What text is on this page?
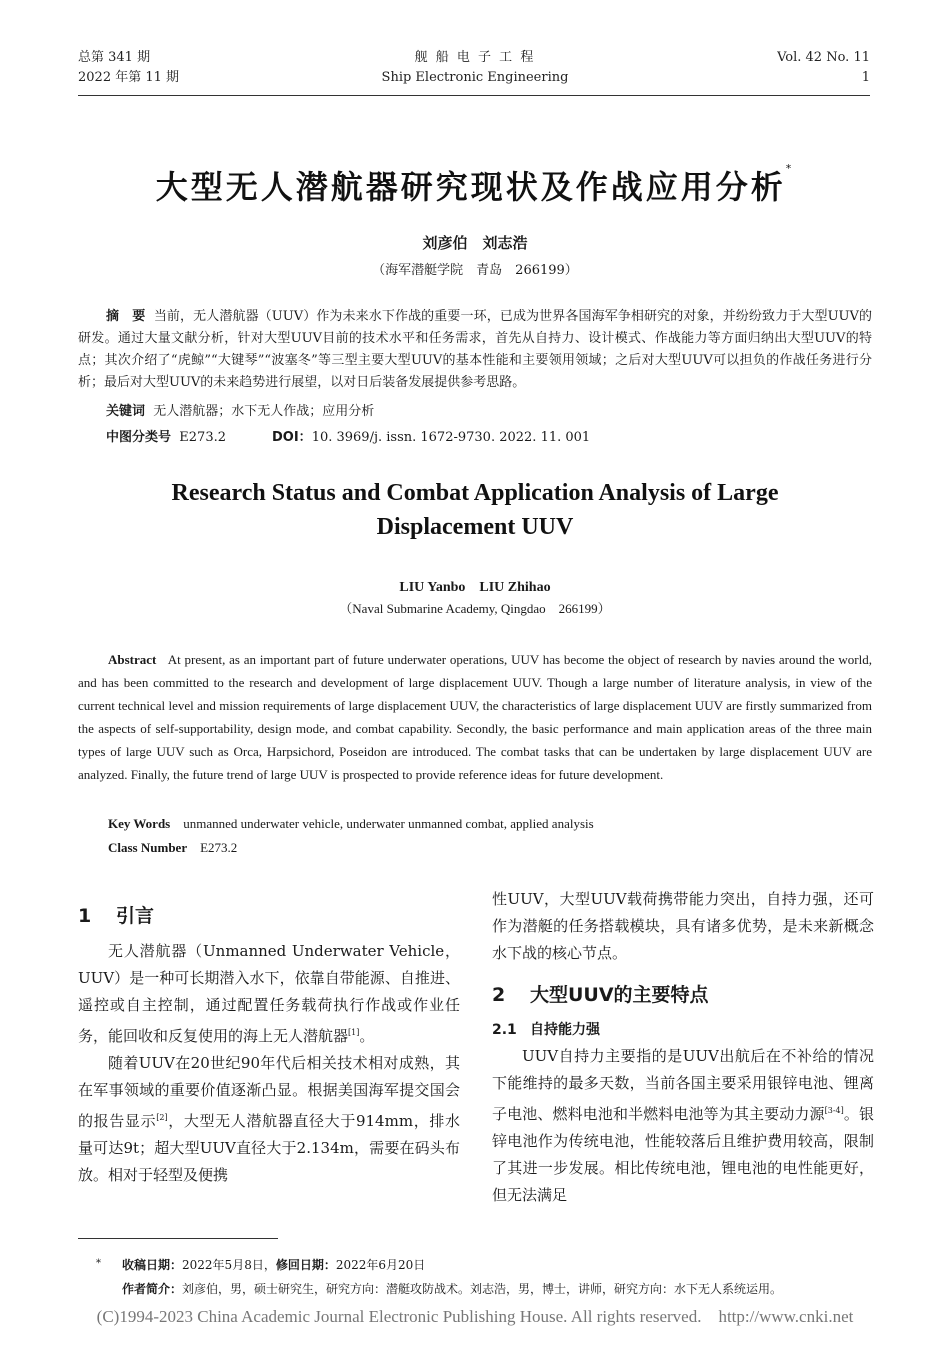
总第 341 期
2022 年第 11 期
舰 船 电 子 工 程
Ship Electronic Engineering
Vol. 42 No. 11
1
大型无人潜航器研究现状及作战应用分析*
刘彦伯　刘志浩
（海军潜艇学院　青岛　266199）
摘　要 当前，无人潜航器（UUV）作为未来水下作战的重要一环，已成为世界各国海军争相研究的对象，并纷纷致力于大型UUV的研发。通过大量文献分析，针对大型UUV目前的技术水平和任务需求，首先从自持力、设计模式、作战能力等方面归纳出大型UUV的特点；其次介绍了“虎鲸”“大键琴”“波塞冬”等三型主要大型UUV的基本性能和主要领用领域；之后对大型UUV可以担负的作战任务进行分析；最后对大型UUV的未来趋势进行展望，以对日后装备发展提供参考思路。
关键词 无人潜航器；水下无人作战；应用分析
中图分类号 E273.2	DOI：10. 3969/j. issn. 1672-9730. 2022. 11. 001
Research Status and Combat Application Analysis of Large
Displacement UUV
LIU Yanbo　LIU Zhihao
（Naval Submarine Academy, Qingdao　266199）
Abstract At present, as an important part of future underwater operations, UUV has become the object of research by navies around the world, and has been committed to the research and development of large displacement UUV. Though a large number of literature analysis, in view of the current technical level and mission requirements of large displacement UUV, the characteristics of large displacement UUV are firstly summarized from the aspects of self-supportability, design mode, and combat capability. Secondly, the basic performance and main application areas of the three main types of large UUV such as Orca, Harpsichord, Poseidon are introduced. The combat tasks that can be undertaken by large displacement UUV are analyzed. Finally, the future trend of large UUV is prospected to provide reference ideas for future development.
Key Words unmanned underwater vehicle, underwater unmanned combat, applied analysis
Class Number E273.2
1 引言

无人潜航器（Unmanned Underwater Vehicle，UUV）是一种可长期潜入水下，依靠自带能源、自推进、遥控或自主控制，通过配置任务载荷执行作战或作业任务，能回收和反复使用的海上无人潜航器[1]。

随着UUV在20世纪90年代后相关技术相对成熟，其在军事领域的重要价值逐渐凸显。根据美国海军提交国会的报告显示[2]，大型无人潜航器直径大于914mm，排水量可达9t；超大型UUV直径大于2.134m，需要在码头布放。相对于轻型及便携

性UUV，大型UUV载荷携带能力突出，自持力强，还可作为潜艇的任务搭载模块，具有诸多优势，是未来新概念水下战的核心节点。

2 大型UUV的主要特点
2.1 自持能力强

UUV自持力主要指的是UUV出航后在不补给的情况下能维持的最多天数，当前各国主要采用银锌电池、锂离子电池、燃料电池和半燃料电池等为其主要动力源[3-4]。银锌电池作为传统电池，性能较落后且维护费用较高，限制了其进一步发展。相比传统电池，锂电池的电性能更好，但无法满足

* 收稿日期：2022年5月8日，修回日期：2022年6月20日
作者简介：刘彦伯，男，硕士研究生，研究方向：潜艇攻防战术。刘志浩，男，博士，讲师，研究方向：水下无人系统运用。
(C)1994-2023 China Academic Journal Electronic Publishing House. All rights reserved.　http://www.cnki.net
